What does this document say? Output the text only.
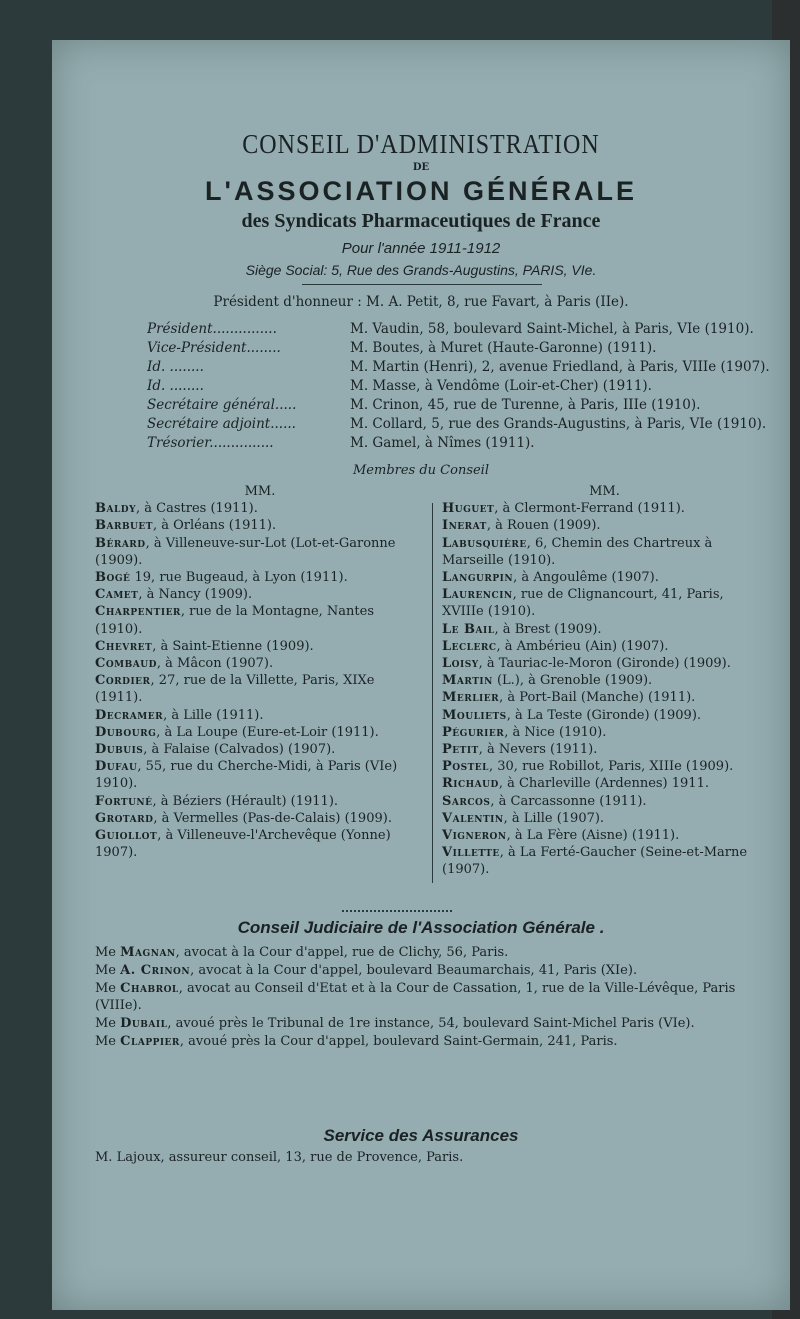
CONSEIL D'ADMINISTRATION
DE
L'ASSOCIATION GÉNÉRALE
des Syndicats Pharmaceutiques de France
Pour l'année 1911-1912
Siège Social: 5, Rue des Grands-Augustins, PARIS, VIe.
Président d'honneur : M. A. Petit, 8, rue Favart, à Paris (IIe).
Président...............	M. Vaudin, 58, boulevard Saint-Michel, à Paris, VIe (1910).
Vice-Président........	M. Boutes, à Muret (Haute-Garonne) (1911).
Id. ........	M. Martin (Henri), 2, avenue Friedland, à Paris, VIIIe (1907).
Id. ........	M. Masse, à Vendôme (Loir-et-Cher) (1911).
Secrétaire général.....	M. Crinon, 45, rue de Turenne, à Paris, IIIe (1910).
Secrétaire adjoint......	M. Collard, 5, rue des Grands-Augustins, à Paris, VIe (1910).
Trésorier...............	M. Gamel, à Nîmes (1911).
Membres du Conseil
MM.
Baldy, à Castres (1911).
Barbuet, à Orléans (1911).
Bérard, à Villeneuve-sur-Lot (Lot-et-Garonne (1909).
Bogé 19, rue Bugeaud, à Lyon (1911).
Camet, à Nancy (1909).
Charpentier, rue de la Montagne, Nantes (1910).
Chevret, à Saint-Etienne (1909).
Combaud, à Mâcon (1907).
Cordier, 27, rue de la Villette, Paris, XIXe (1911).
Decramer, à Lille (1911).
Dubourg, à La Loupe (Eure-et-Loir (1911).
Dubuis, à Falaise (Calvados) (1907).
Dufau, 55, rue du Cherche-Midi, à Paris (VIe) 1910).
Fortuné, à Béziers (Hérault) (1911).
Grotard, à Vermelles (Pas-de-Calais) (1909).
Guiollot, à Villeneuve-l'Archevêque (Yonne) 1907).
MM.
Huguet, à Clermont-Ferrand (1911).
Inerat, à Rouen (1909).
Labusquière, 6, Chemin des Chartreux à Marseille (1910).
Langurpin, à Angoulême (1907).
Laurencin, rue de Clignancourt, 41, Paris, XVIIIe (1910).
Le Bail, à Brest (1909).
Leclerc, à Ambérieu (Ain) (1907).
Loisy, à Tauriac-le-Moron (Gironde) (1909).
Martin (L.), à Grenoble (1909).
Merlier, à Port-Bail (Manche) (1911).
Mouliets, à La Teste (Gironde) (1909).
Pégurier, à Nice (1910).
Petit, à Nevers (1911).
Postel, 30, rue Robillot, Paris, XIIIe (1909).
Richaud, à Charleville (Ardennes) 1911.
Sarcos, à Carcassonne (1911).
Valentin, à Lille (1907).
Vigneron, à La Fère (Aisne) (1911).
Villette, à La Ferté-Gaucher (Seine-et-Marne (1907).
Conseil Judiciaire de l'Association Générale .
Me Magnan, avocat à la Cour d'appel, rue de Clichy, 56, Paris.
Me A. Crinon, avocat à la Cour d'appel, boulevard Beaumarchais, 41, Paris (XIe).
Me Chabrol, avocat au Conseil d'Etat et à la Cour de Cassation, 1, rue de la Ville-Lévêque, Paris (VIIIe).
Me Dubail, avoué près le Tribunal de 1re instance, 54, boulevard Saint-Michel Paris (VIe).
Me Clappier, avoué près la Cour d'appel, boulevard Saint-Germain, 241, Paris.
Service des Assurances
M. Lajoux, assureur conseil, 13, rue de Provence, Paris.
